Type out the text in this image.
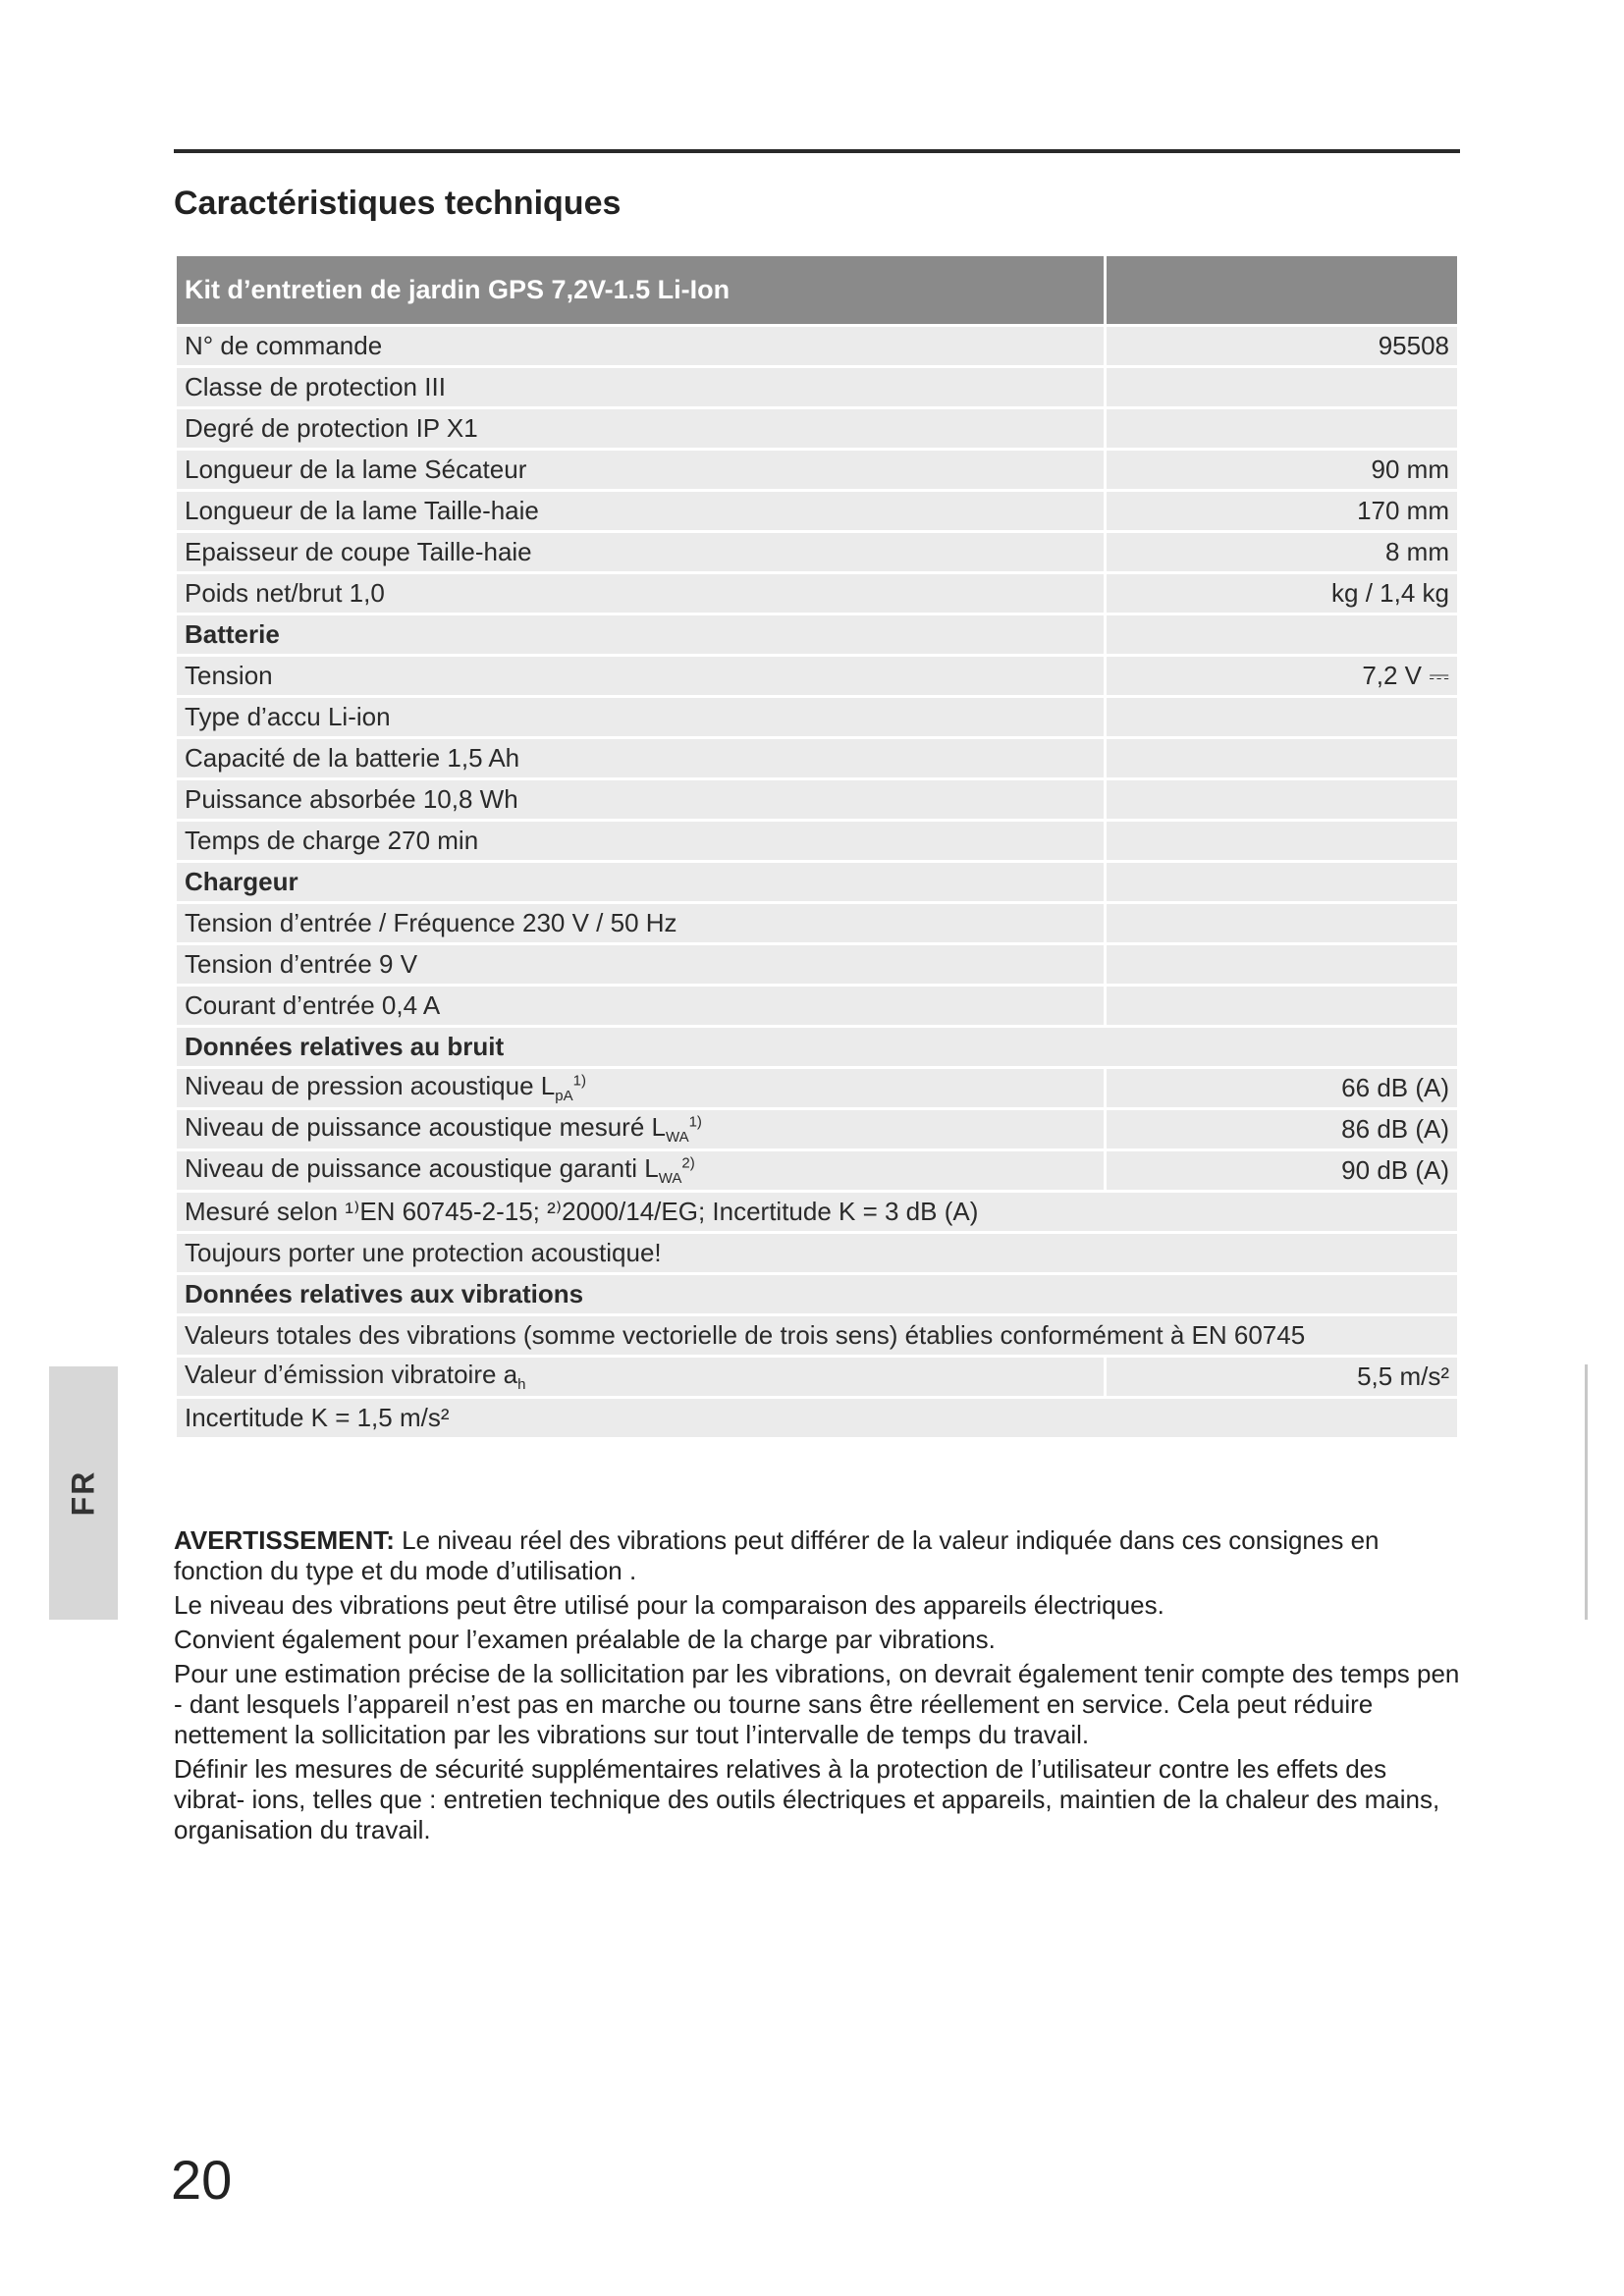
Caractéristiques techniques
Kit d’entretien de jardin GPS 7,2V-1.5 Li-Ion	
N° de commande	95508
Classe de protection III	
Degré de protection IP X1	
Longueur de la lame Sécateur	90 mm
Longueur de la lame Taille-haie	170 mm
Epaisseur de coupe Taille-haie	8 mm
Poids net/brut 1,0	kg / 1,4 kg
Batterie	
Tension	7,2 V ⎓
Type d’accu Li-ion	
Capacité de la batterie 1,5 Ah	
Puissance absorbée 10,8 Wh	
Temps de charge 270 min	
Chargeur	
Tension d’entrée / Fréquence 230 V / 50 Hz	
Tension d’entrée 9 V	
Courant d’entrée 0,4 A	
Données relatives au bruit	
Niveau de pression acoustique $L_{pA}^{1)}$	66 dB (A)
Niveau de puissance acoustique mesuré $L_{WA}^{1)}$	86 dB (A)
Niveau de puissance acoustique garanti $L_{WA}^{2)}$	90 dB (A)
Mesuré selon ¹⁾EN 60745-2-15; ²⁾2000/14/EG; Incertitude K = 3 dB (A)	
Toujours porter une protection acoustique!	
Données relatives aux vibrations	
Valeurs totales des vibrations (somme vectorielle de trois sens) établies conformément à EN 60745	
Valeur d’émission vibratoire $a_h$	5,5 m/s²
Incertitude K = 1,5 m/s²	
FR

AVERTISSEMENT: Le niveau réel des vibrations peut différer de la valeur indiquée dans ces consignes en fonction du type et du mode d’utilisation .

Le niveau des vibrations peut être utilisé pour la comparaison des appareils électriques.

Convient également pour l’examen préalable de la charge par vibrations.

Pour une estimation précise de la sollicitation par les vibrations, on devrait également tenir compte des temps pen - dant lesquels l’appareil n’est pas en marche ou tourne sans être réellement en service. Cela peut réduire nettement la sollicitation par les vibrations sur tout l’intervalle de temps du travail.

Définir les mesures de sécurité supplémentaires relatives à la protection de l’utilisateur contre les effets des vibrat- ions, telles que : entretien technique des outils électriques et appareils, maintien de la chaleur des mains, organisation du travail.

20
